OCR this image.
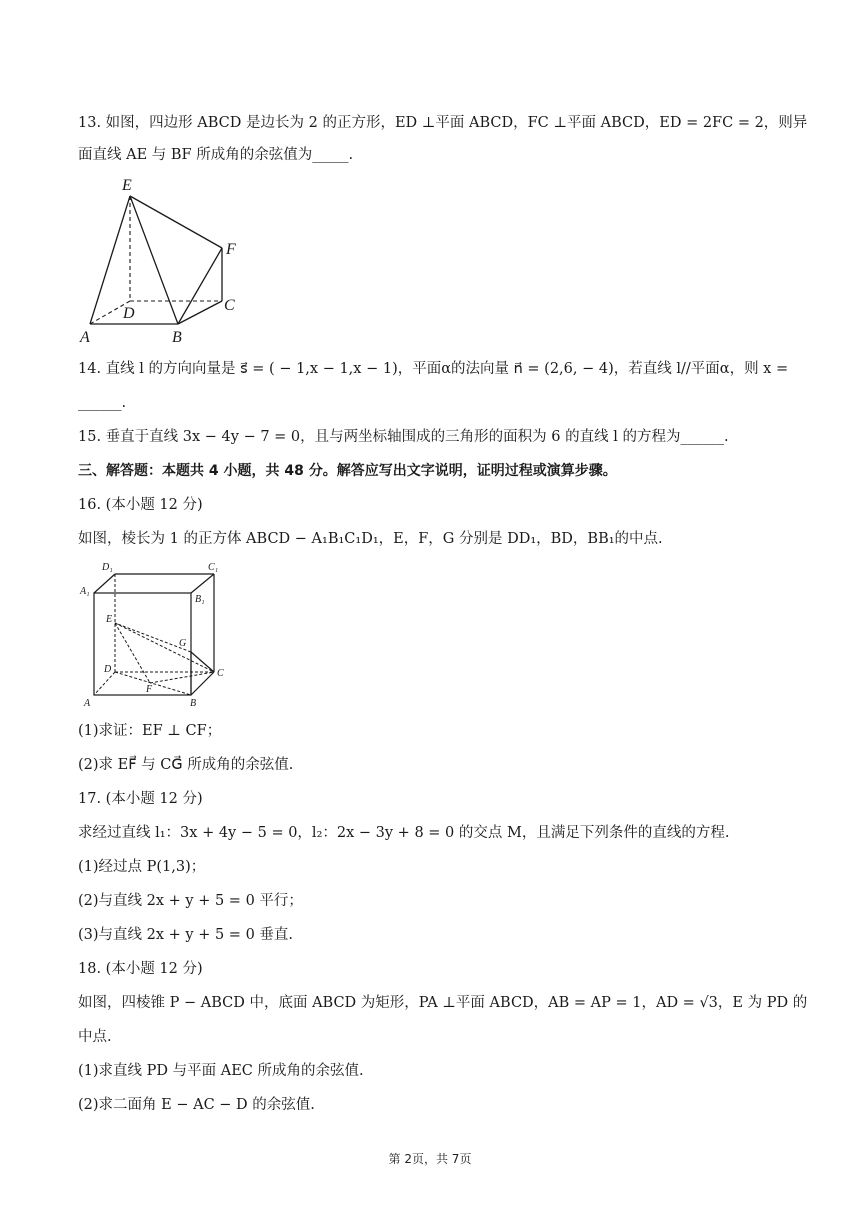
13. 如图，四边形 ABCD 是边长为 2 的正方形，ED ⊥平面 ABCD，FC ⊥平面 ABCD，ED = 2FC = 2，则异
面直线 AE 与 BF 所成角的余弦值为_____.
E
F
C
D
A	B
14. 直线 l 的方向向量是 s⃗ = ( − 1,x − 1,x − 1)，平面α的法向量 n⃗ = (2,6, − 4)，若直线 l//平面α，则 x =
______.
15. 垂直于直线 3x − 4y − 7 = 0，且与两坐标轴围成的三角形的面积为 6 的直线 l 的方程为______.
三、解答题：本题共 4 小题，共 48 分。解答应写出文字说明，证明过程或演算步骤。
16. (本小题 12 分)
如图，棱长为 1 的正方体 ABCD − A₁B₁C₁D₁，E，F，G 分别是 DD₁，BD，BB₁的中点.
D₁	C₁
A₁
B₁
E
G
D	C
F
A	B
(1)求证：EF ⊥ CF；
(2)求 EF⃗ 与 CG⃗ 所成角的余弦值.
17. (本小题 12 分)
求经过直线 l₁：3x + 4y − 5 = 0，l₂：2x − 3y + 8 = 0 的交点 M，且满足下列条件的直线的方程.
(1)经过点 P(1,3)；
(2)与直线 2x + y + 5 = 0 平行；
(3)与直线 2x + y + 5 = 0 垂直.
18. (本小题 12 分)
如图，四棱锥 P − ABCD 中，底面 ABCD 为矩形，PA ⊥平面 ABCD，AB = AP = 1，AD = √3，E 为 PD 的
中点.
(1)求直线 PD 与平面 AEC 所成角的余弦值.
(2)求二面角 E − AC − D 的余弦值.
第 2页，共 7页
